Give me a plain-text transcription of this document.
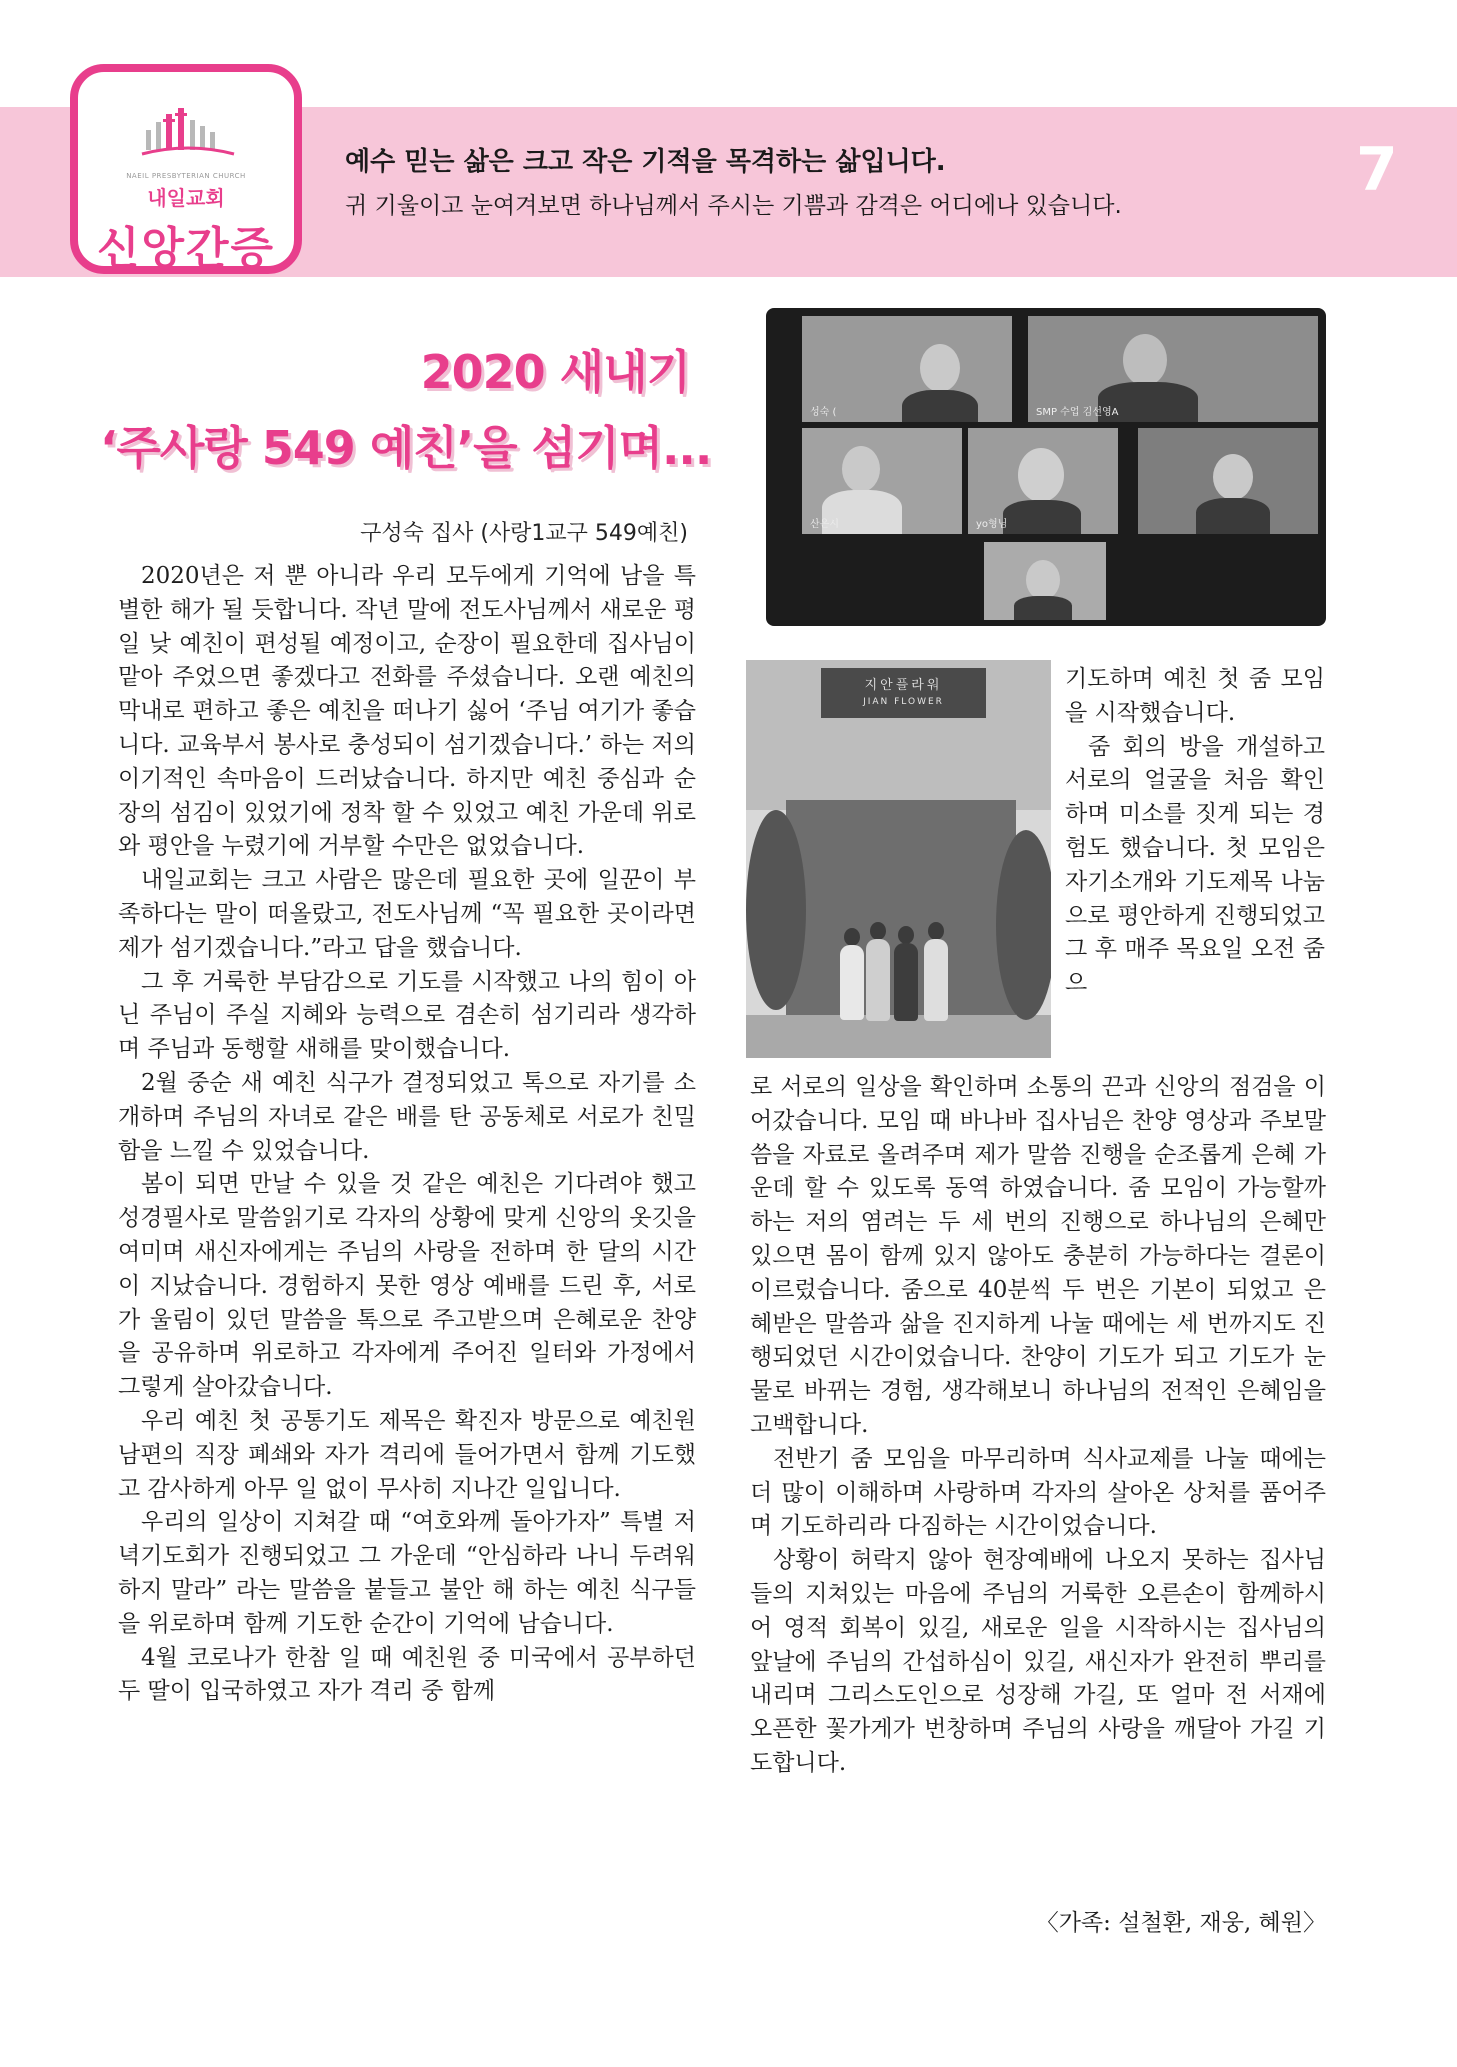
NAEIL PRESBYTERIAN CHURCH
내일교회
신앙간증
예수 믿는 삶은 크고 작은 기적을 목격하는 삶입니다.
귀 기울이고 눈여겨보면 하나님께서 주시는 기쁨과 감격은 어디에나 있습니다.
7
2020 새내기
‘주사랑 549 예친’을 섬기며...
구성숙 집사 (사랑1교구 549예친)

2020년은 저 뿐 아니라 우리 모두에게 기억에 남을 특별한 해가 될 듯합니다. 작년 말에 전도사님께서 새로운 평일 낮 예친이 편성될 예정이고, 순장이 필요한데 집사님이 맡아 주었으면 좋겠다고 전화를 주셨습니다. 오랜 예친의 막내로 편하고 좋은 예친을 떠나기 싫어 ‘주님 여기가 좋습니다. 교육부서 봉사로 충성되이 섬기겠습니다.’ 하는 저의 이기적인 속마음이 드러났습니다. 하지만 예친 중심과 순장의 섬김이 있었기에 정착 할 수 있었고 예친 가운데 위로와 평안을 누렸기에 거부할 수만은 없었습니다.

내일교회는 크고 사람은 많은데 필요한 곳에 일꾼이 부족하다는 말이 떠올랐고, 전도사님께 “꼭 필요한 곳이라면 제가 섬기겠습니다.”라고 답을 했습니다.

그 후 거룩한 부담감으로 기도를 시작했고 나의 힘이 아닌 주님이 주실 지혜와 능력으로 겸손히 섬기리라 생각하며 주님과 동행할 새해를 맞이했습니다.

2월 중순 새 예친 식구가 결정되었고 톡으로 자기를 소개하며 주님의 자녀로 같은 배를 탄 공동체로 서로가 친밀함을 느낄 수 있었습니다.

봄이 되면 만날 수 있을 것 같은 예친은 기다려야 했고 성경필사로 말씀읽기로 각자의 상황에 맞게 신앙의 옷깃을 여미며 새신자에게는 주님의 사랑을 전하며 한 달의 시간이 지났습니다. 경험하지 못한 영상 예배를 드린 후, 서로가 울림이 있던 말씀을 톡으로 주고받으며 은혜로운 찬양을 공유하며 위로하고 각자에게 주어진 일터와 가정에서 그렇게 살아갔습니다.

우리 예친 첫 공통기도 제목은 확진자 방문으로 예친원 남편의 직장 폐쇄와 자가 격리에 들어가면서 함께 기도했고 감사하게 아무 일 없이 무사히 지나간 일입니다.

우리의 일상이 지쳐갈 때 “여호와께 돌아가자” 특별 저녁기도회가 진행되었고 그 가운데 “안심하라 나니 두려워하지 말라” 라는 말씀을 붙들고 불안 해 하는 예친 식구들을 위로하며 함께 기도한 순간이 기억에 남습니다.

4월 코로나가 한참 일 때 예친원 중 미국에서 공부하던 두 딸이 입국하였고 자가 격리 중 함께

성숙 (	SMP 수업 김선영A
산은시	yo형님
지안플라워
JIAN FLOWER
기도하며 예친 첫 줌 모임을 시작했습니다.

줌 회의 방을 개설하고 서로의 얼굴을 처음 확인하며 미소를 짓게 되는 경험도 했습니다. 첫 모임은 자기소개와 기도제목 나눔으로 평안하게 진행되었고 그 후 매주 목요일 오전 줌으

로 서로의 일상을 확인하며 소통의 끈과 신앙의 점검을 이어갔습니다. 모임 때 바나바 집사님은 찬양 영상과 주보말씀을 자료로 올려주며 제가 말씀 진행을 순조롭게 은혜 가운데 할 수 있도록 동역 하였습니다. 줌 모임이 가능할까 하는 저의 염려는 두 세 번의 진행으로 하나님의 은혜만 있으면 몸이 함께 있지 않아도 충분히 가능하다는 결론이 이르렀습니다. 줌으로 40분씩 두 번은 기본이 되었고 은혜받은 말씀과 삶을 진지하게 나눌 때에는 세 번까지도 진행되었던 시간이었습니다. 찬양이 기도가 되고 기도가 눈물로 바뀌는 경험, 생각해보니 하나님의 전적인 은혜임을 고백합니다.

전반기 줌 모임을 마무리하며 식사교제를 나눌 때에는 더 많이 이해하며 사랑하며 각자의 살아온 상처를 품어주며 기도하리라 다짐하는 시간이었습니다.

상황이 허락지 않아 현장예배에 나오지 못하는 집사님들의 지쳐있는 마음에 주님의 거룩한 오른손이 함께하시어 영적 회복이 있길, 새로운 일을 시작하시는 집사님의 앞날에 주님의 간섭하심이 있길, 새신자가 완전히 뿌리를 내리며 그리스도인으로 성장해 가길, 또 얼마 전 서재에 오픈한 꽃가게가 번창하며 주님의 사랑을 깨달아 가길 기도합니다.

〈가족: 설철환, 재웅, 혜원〉
